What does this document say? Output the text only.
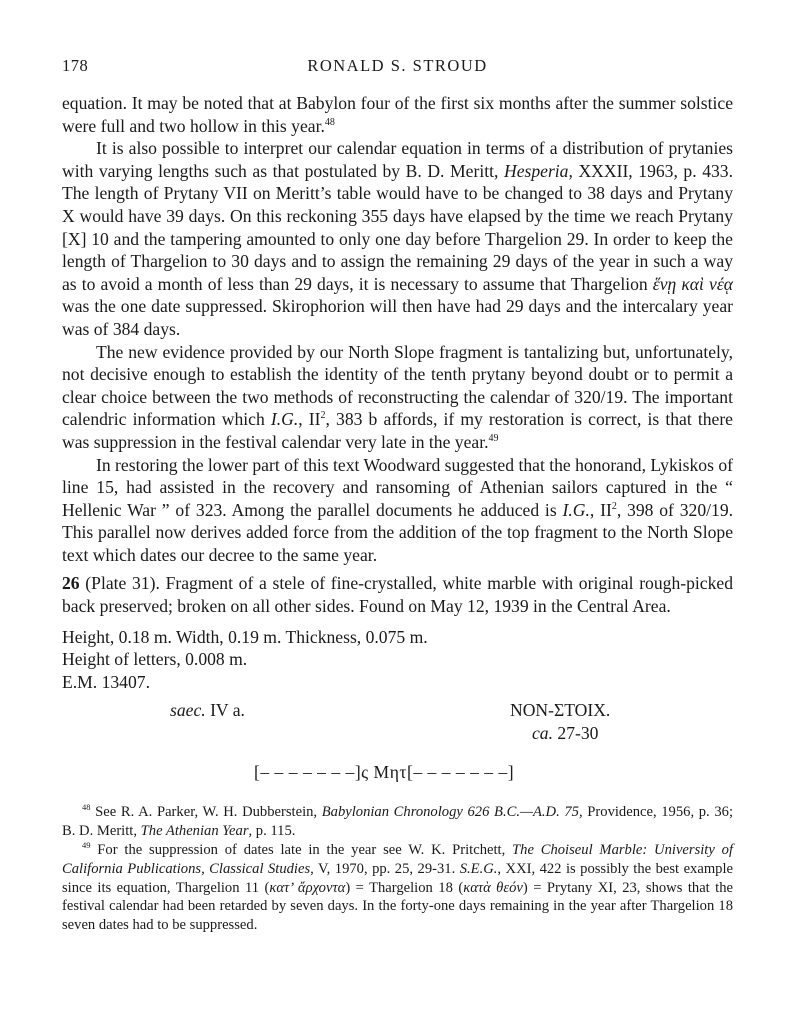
178	RONALD S. STROUD

equation. It may be noted that at Babylon four of the first six months after the summer solstice were full and two hollow in this year.$^{48}$

It is also possible to interpret our calendar equation in terms of a distribution of prytanies with varying lengths such as that postulated by B. D. Meritt, Hesperia, XXXII, 1963, p. 433. The length of Prytany VII on Meritt’s table would have to be changed to 38 days and Prytany X would have 39 days. On this reckoning 355 days have elapsed by the time we reach Prytany [X] 10 and the tampering amounted to only one day before Thargelion 29. In order to keep the length of Thargelion to 30 days and to assign the remaining 29 days of the year in such a way as to avoid a month of less than 29 days, it is necessary to assume that Thargelion ἕνῃ καὶ νέᾳ was the one date suppressed. Skirophorion will then have had 29 days and the intercalary year was of 384 days.

The new evidence provided by our North Slope fragment is tantalizing but, unfortunately, not decisive enough to establish the identity of the tenth prytany beyond doubt or to permit a clear choice between the two methods of reconstructing the calendar of 320/19. The important calendric information which I.G., $II^2$, 383 b affords, if my restoration is correct, is that there was suppression in the festival calendar very late in the year.$^{49}$

In restoring the lower part of this text Woodward suggested that the honorand, Lykiskos of line 15, had assisted in the recovery and ransoming of Athenian sailors captured in the “ Hellenic War ” of 323. Among the parallel documents he adduced is I.G., $II^2$, 398 of 320/19. This parallel now derives added force from the addition of the top fragment to the North Slope text which dates our decree to the same year.

26 (Plate 31). Fragment of a stele of fine-crystalled, white marble with original rough-picked back preserved; broken on all other sides. Found on May 12, 1939 in the Central Area.
Height, 0.18 m. Width, 0.19 m. Thickness, 0.075 m.
Height of letters, 0.008 m.
E.M. 13407.
saec. IV a.	NON-ΣΤΟΙΧ.
ca. 27-30
[– – – – – – –]ς Μητ[– – – – – – –]

$^{48}$ See R. A. Parker, W. H. Dubberstein, Babylonian Chronology 626 B.C.—A.D. 75, Providence, 1956, p. 36; B. D. Meritt, The Athenian Year, p. 115.

$^{49}$ For the suppression of dates late in the year see W. K. Pritchett, The Choiseul Marble: University of California Publications, Classical Studies, V, 1970, pp. 25, 29-31. S.E.G., XXI, 422 is possibly the best example since its equation, Thargelion 11 (κατ’ ἄρχοντα) = Thargelion 18 (κατὰ θεόν) = Prytany XI, 23, shows that the festival calendar had been retarded by seven days. In the forty-one days remaining in the year after Thargelion 18 seven dates had to be suppressed.
